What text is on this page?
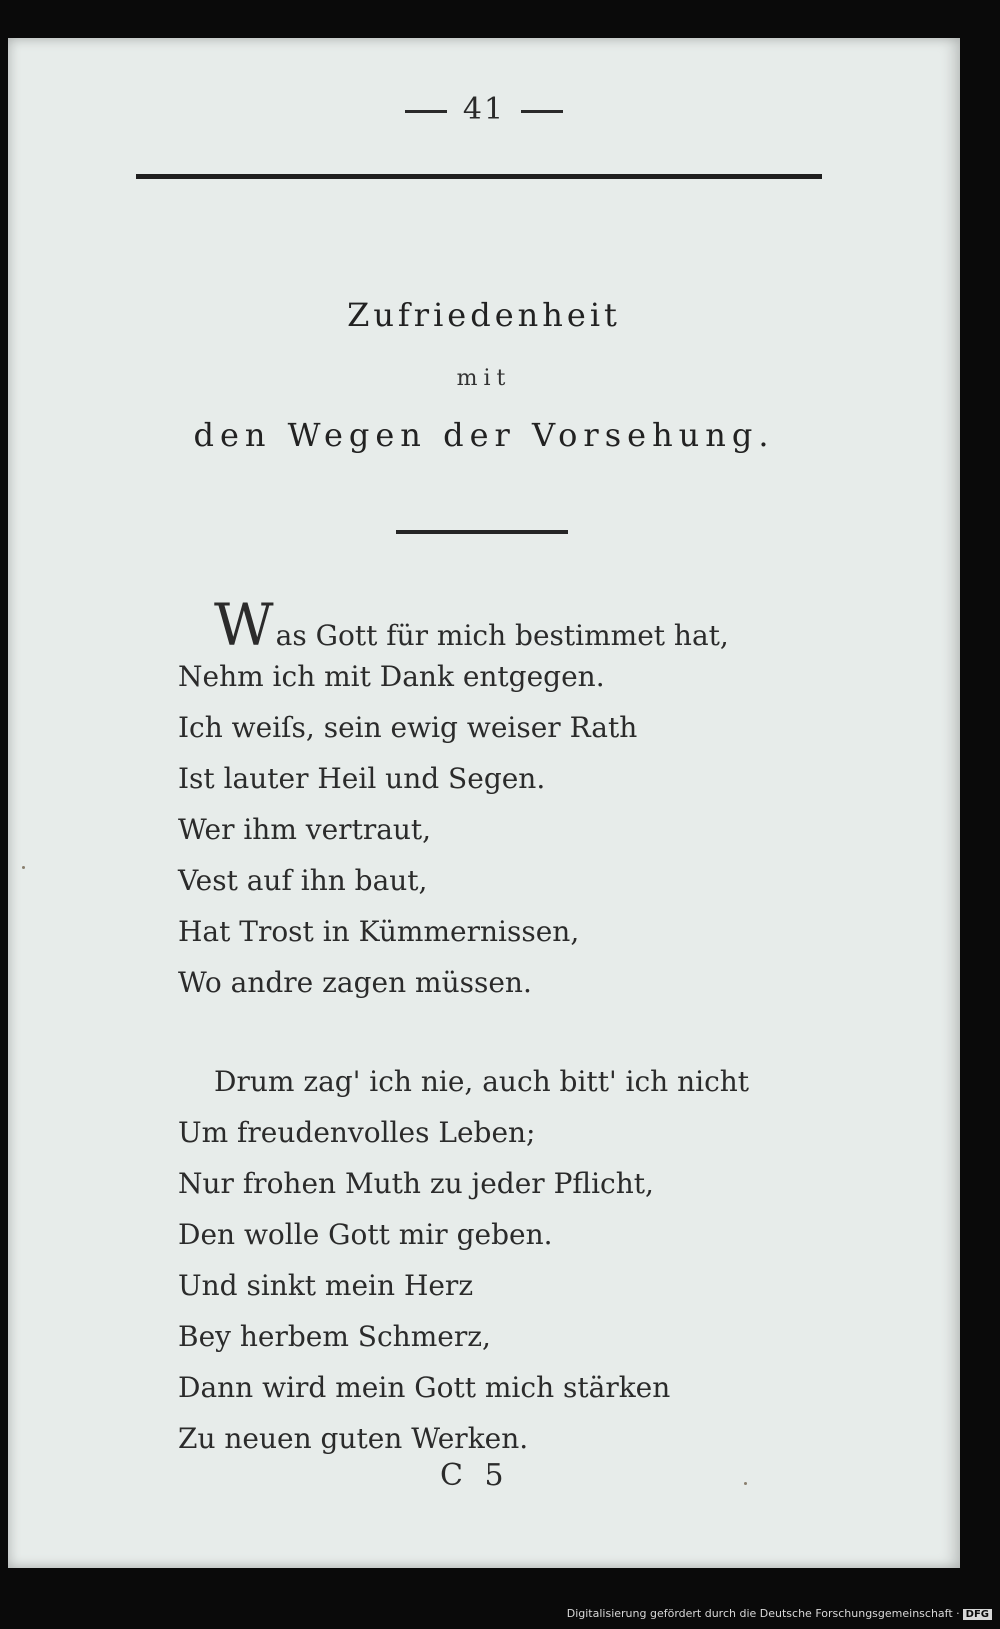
41
Zufriedenheit
mit
den Wegen der Vorsehung.
Was Gott für mich bestimmet hat,
Nehm ich mit Dank entgegen.
Ich weiſs, sein ewig weiser Rath
Ist lauter Heil und Segen.
Wer ihm vertraut,
Vest auf ihn baut,
Hat Trost in Kümmernissen,
Wo andre zagen müssen.
Drum zag' ich nie, auch bitt' ich nicht
Um freudenvolles Leben;
Nur frohen Muth zu jeder Pflicht,
Den wolle Gott mir geben.
Und sinkt mein Herz
Bey herbem Schmerz,
Dann wird mein Gott mich stärken
Zu neuen guten Werken.
C 5
Digitalisierung gefördert durch die Deutsche Forschungsgemeinschaft · DFG
